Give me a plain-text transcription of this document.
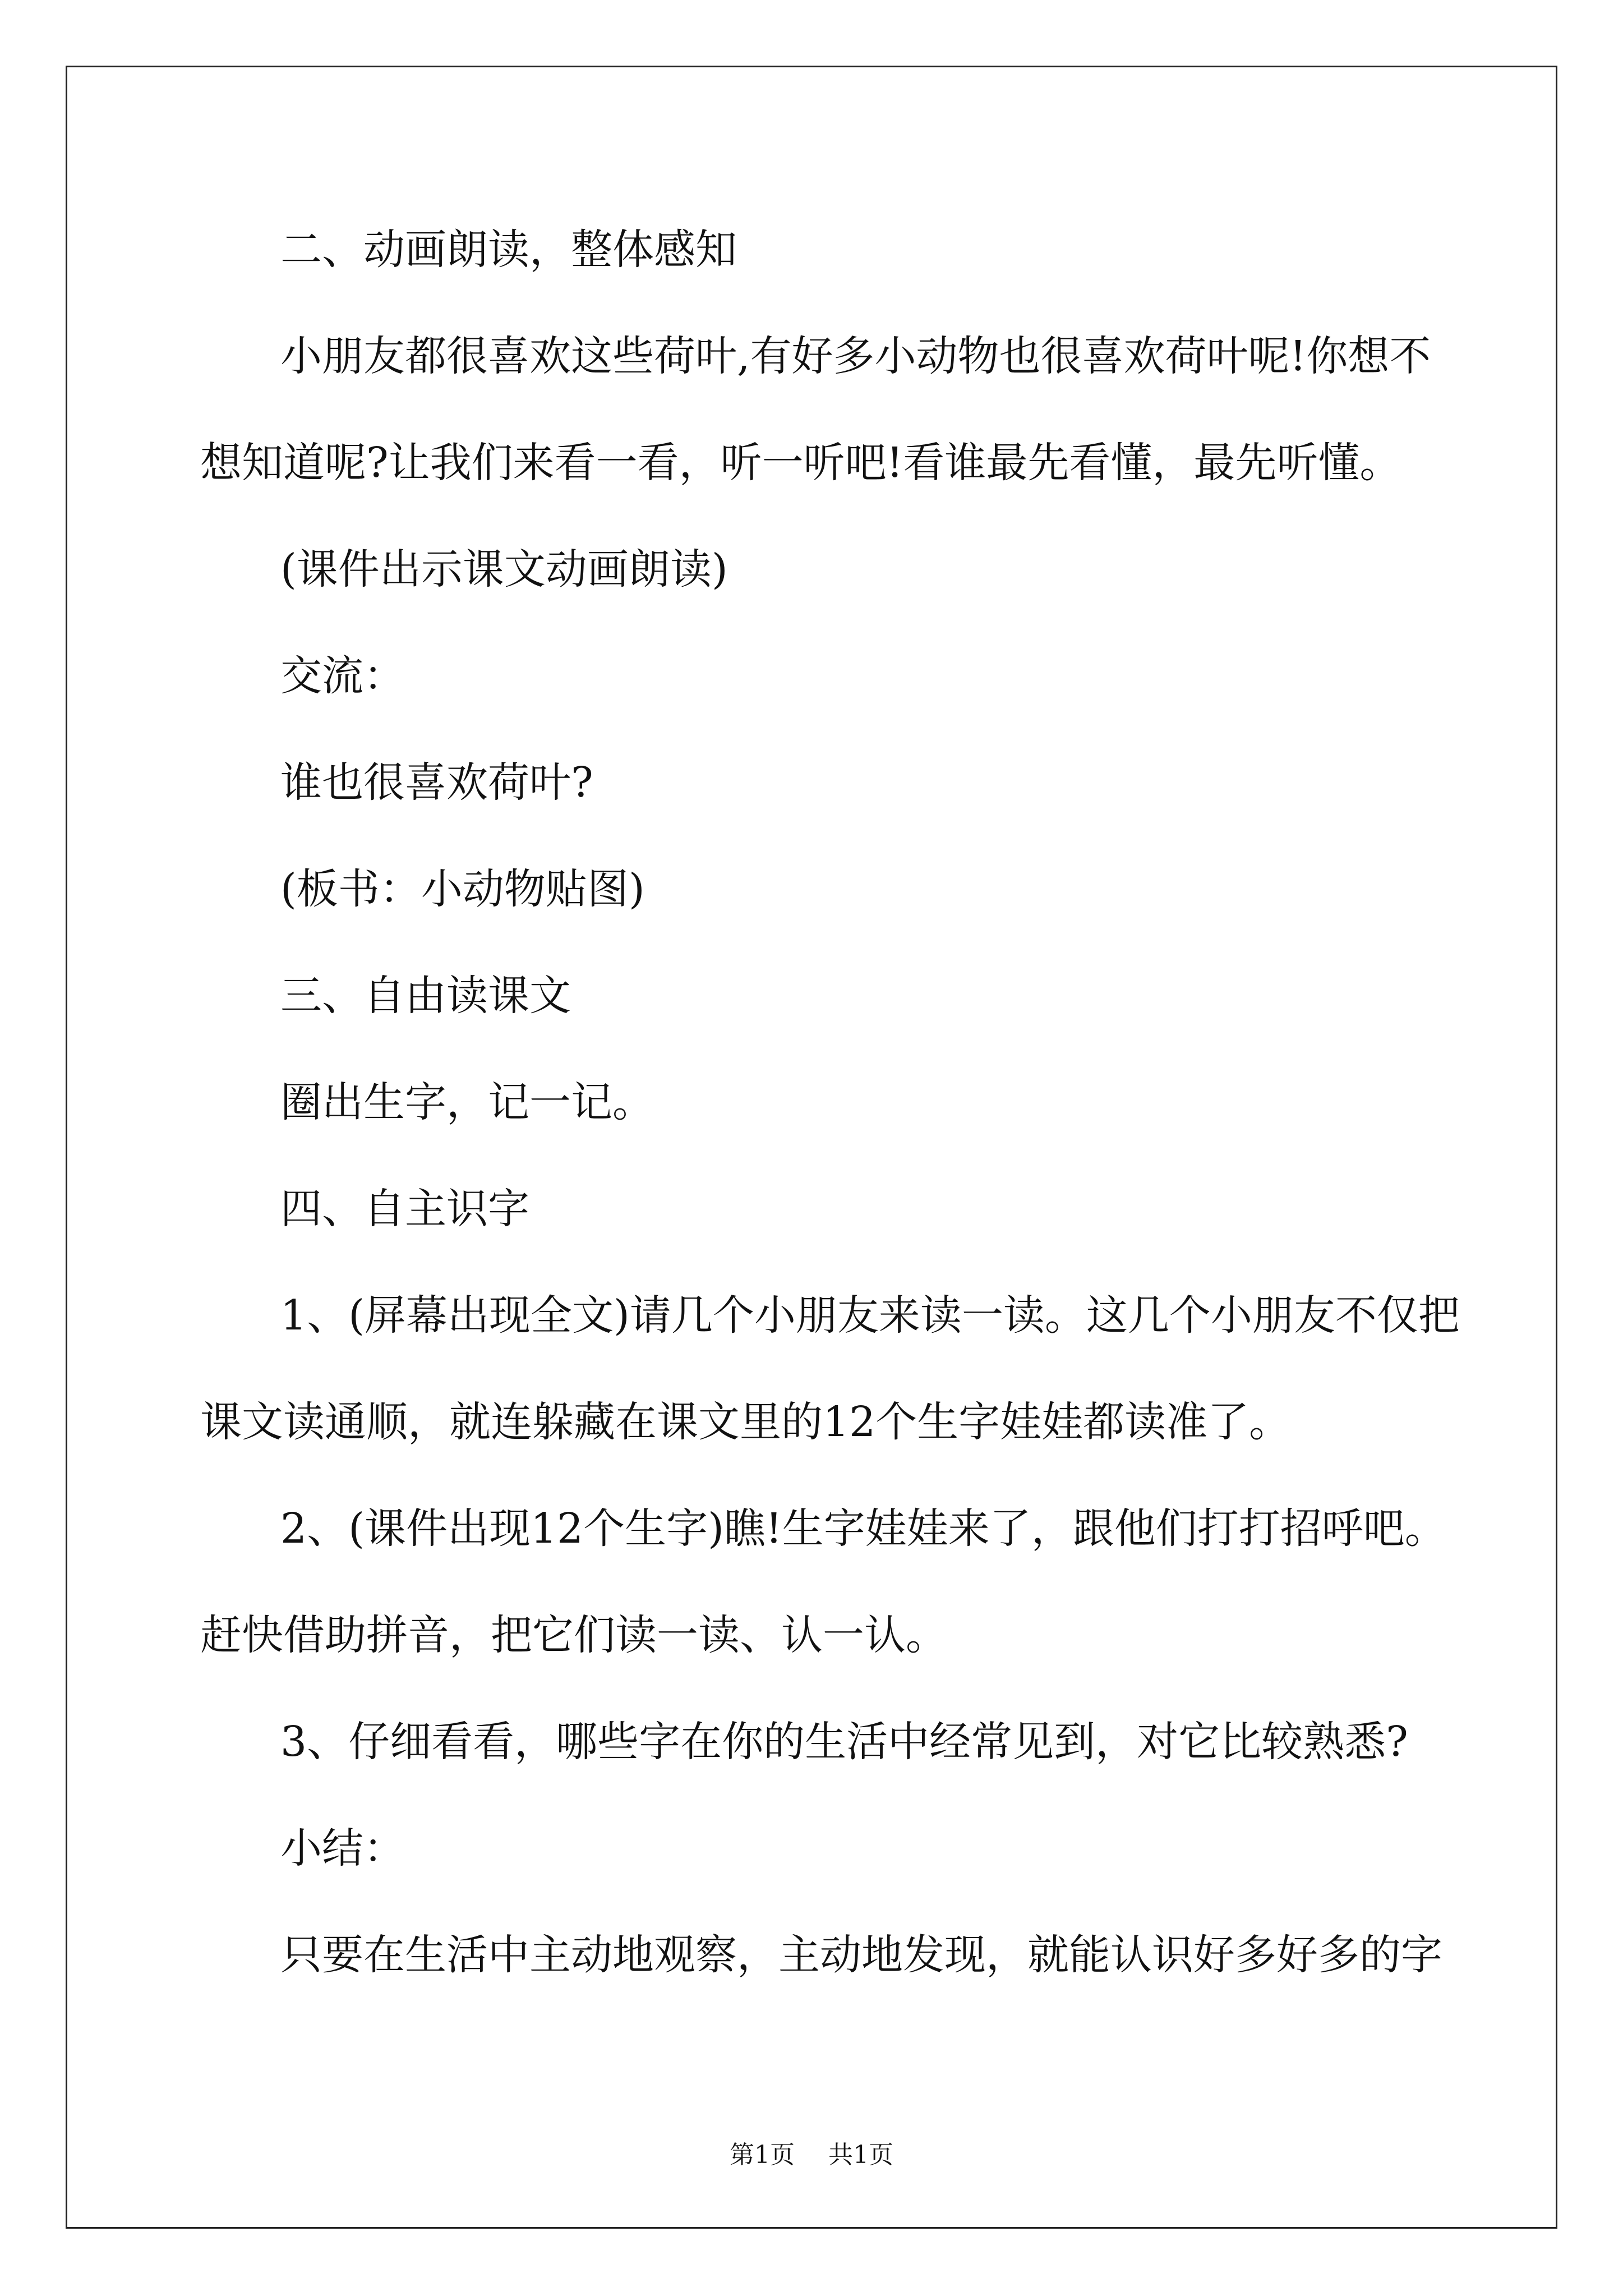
二、动画朗读，整体感知
小朋友都很喜欢这些荷叶,有好多小动物也很喜欢荷叶呢!你想不
想知道呢?让我们来看一看，听一听吧!看谁最先看懂，最先听懂。
(课件出示课文动画朗读)
交流：
谁也很喜欢荷叶?
(板书：小动物贴图)
三、自由读课文
圈出生字，记一记。
四、自主识字
1、(屏幕出现全文)请几个小朋友来读一读。这几个小朋友不仅把
课文读通顺，就连躲藏在课文里的12个生字娃娃都读准了。
2、(课件出现12个生字)瞧!生字娃娃来了，跟他们打打招呼吧。
赶快借助拼音，把它们读一读、认一认。
3、仔细看看，哪些字在你的生活中经常见到，对它比较熟悉?
小结：
只要在生活中主动地观察，主动地发现，就能认识好多好多的字
第1页 共1页
